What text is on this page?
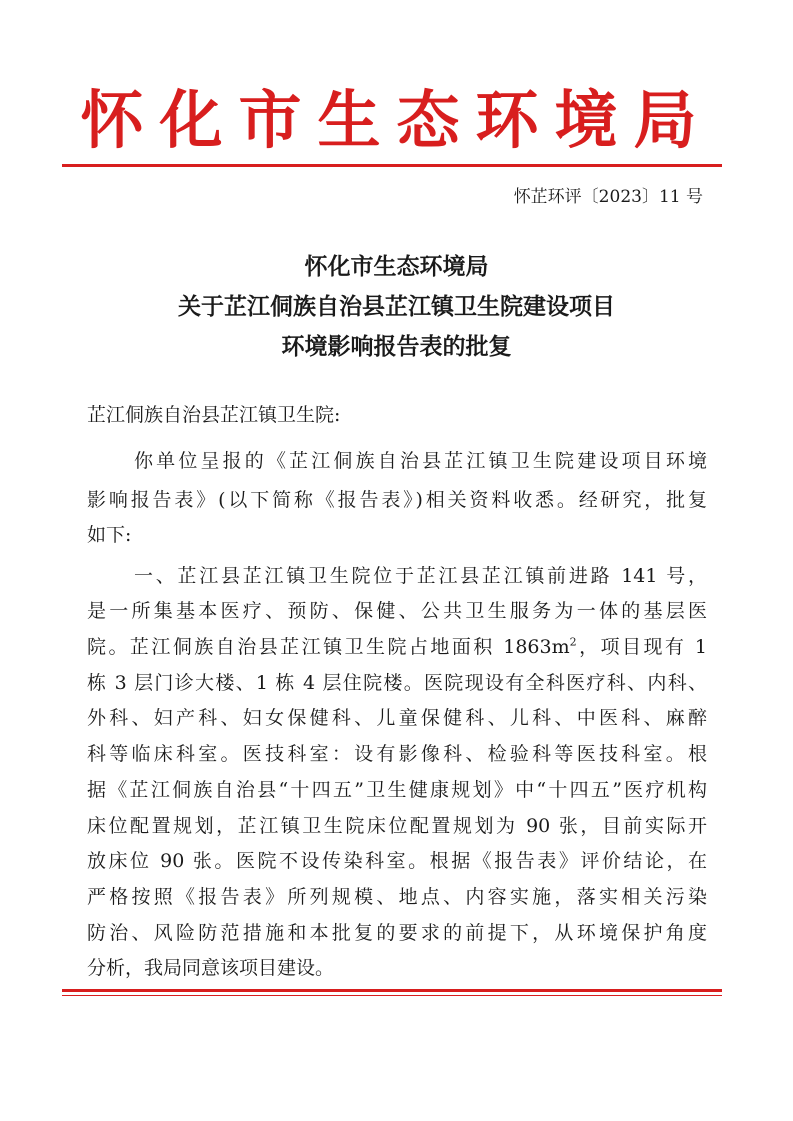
怀化市生态环境局
怀芷环评〔2023〕11 号
怀化市生态环境局
关于芷江侗族自治县芷江镇卫生院建设项目
环境影响报告表的批复
芷江侗族自治县芷江镇卫生院:
你单位呈报的《芷江侗族自治县芷江镇卫生院建设项目环境
影响报告表》(以下简称《报告表》)相关资料收悉。经研究，批复
如下:
一、芷江县芷江镇卫生院位于芷江县芷江镇前进路 141 号，
是一所集基本医疗、预防、保健、公共卫生服务为一体的基层医
院。芷江侗族自治县芷江镇卫生院占地面积 $1863m^2$，项目现有 1
栋 3 层门诊大楼、1 栋 4 层住院楼。医院现设有全科医疗科、内科、
外科、妇产科、妇女保健科、儿童保健科、儿科、中医科、麻醉
科等临床科室。医技科室：设有影像科、检验科等医技科室。根
据《芷江侗族自治县“十四五”卫生健康规划》中“十四五”医疗机构
床位配置规划，芷江镇卫生院床位配置规划为 90 张，目前实际开
放床位 90 张。医院不设传染科室。根据《报告表》评价结论，在
严格按照《报告表》所列规模、地点、内容实施，落实相关污染
防治、风险防范措施和本批复的要求的前提下，从环境保护角度
分析，我局同意该项目建设。
